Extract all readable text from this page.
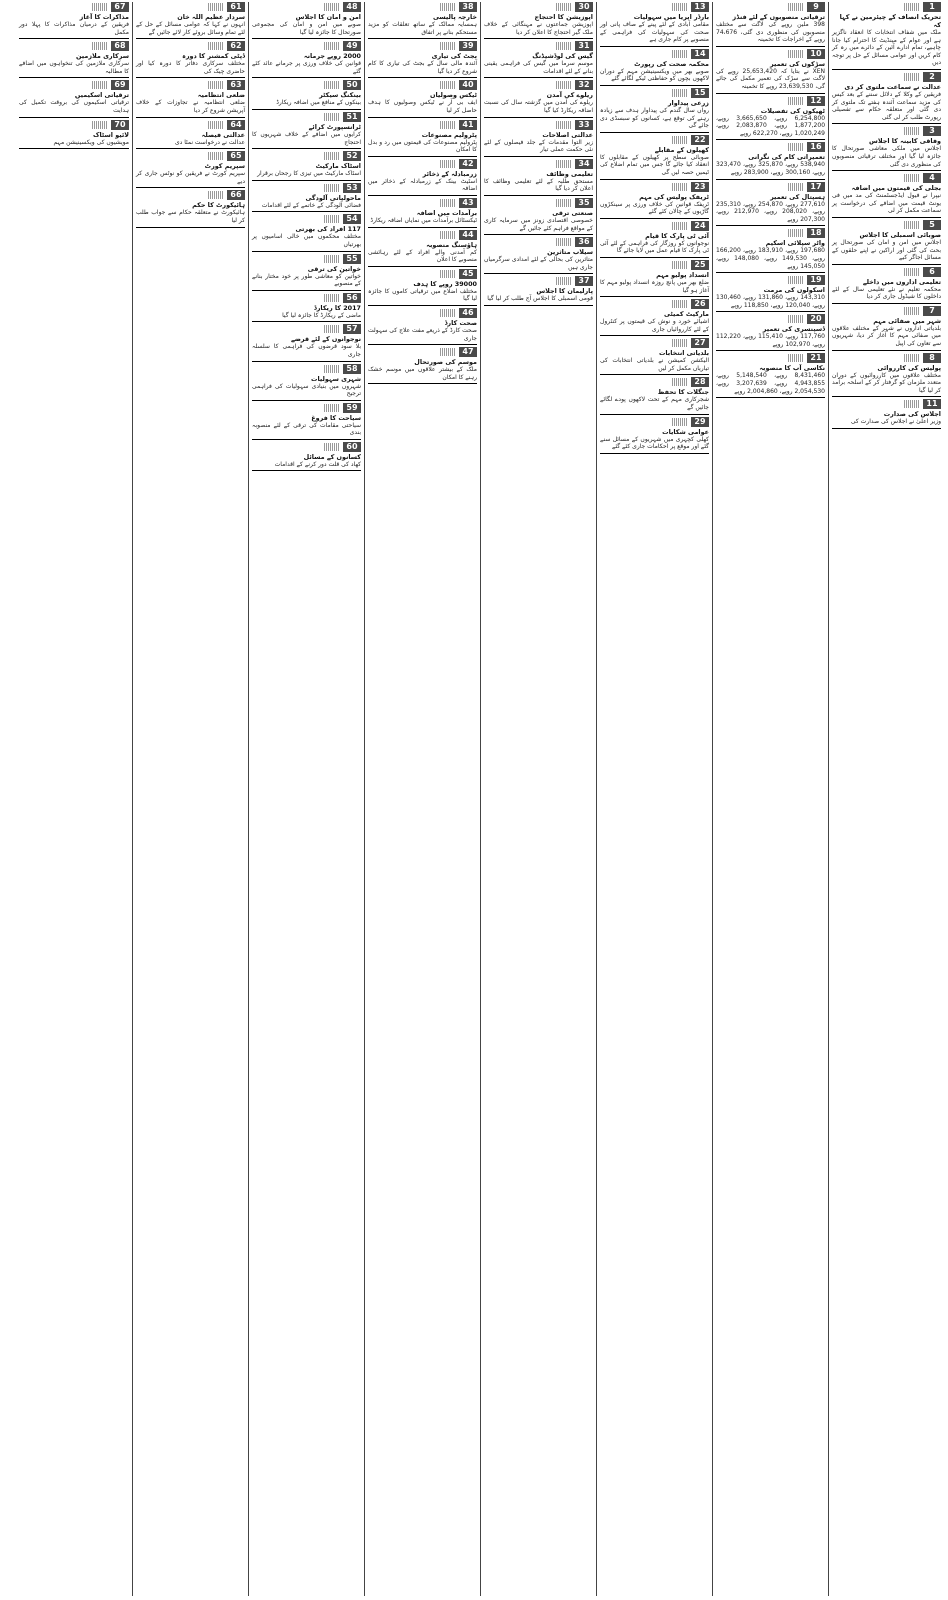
1
تحریک انصاف کے چیئرمین نے کہا کہ
ملک میں شفاف انتخابات کا انعقاد ناگزیر ہے اور عوام کے مینڈیٹ کا احترام کیا جانا چاہیے، تمام ادارے آئین کے دائرے میں رہ کر کام کریں اور عوامی مسائل کے حل پر توجہ دیں
2
عدالت نے سماعت ملتوی کر دی
فریقین کے وکلا کے دلائل سننے کے بعد کیس کی مزید سماعت آئندہ ہفتے تک ملتوی کر دی گئی اور متعلقہ حکام سے تفصیلی رپورٹ طلب کر لی گئی
3
وفاقی کابینہ کا اجلاس
اجلاس میں ملکی معاشی صورتحال کا جائزہ لیا گیا اور مختلف ترقیاتی منصوبوں کی منظوری دی گئی
4
بجلی کی قیمتوں میں اضافہ
نیپرا نے فیول ایڈجسٹمنٹ کی مد میں فی یونٹ قیمت میں اضافے کی درخواست پر سماعت مکمل کر لی
5
صوبائی اسمبلی کا اجلاس
اجلاس میں امن و امان کی صورتحال پر بحث کی گئی اور اراکین نے اپنے حلقوں کے مسائل اجاگر کیے
6
تعلیمی اداروں میں داخلے
محکمہ تعلیم نے نئے تعلیمی سال کے لئے داخلوں کا شیڈول جاری کر دیا
7
شہر میں صفائی مہم
بلدیاتی اداروں نے شہر کے مختلف علاقوں میں صفائی مہم کا آغاز کر دیا، شہریوں سے تعاون کی اپیل
8
پولیس کی کارروائی
مختلف علاقوں میں کارروائیوں کے دوران متعدد ملزمان کو گرفتار کر کے اسلحہ برآمد کر لیا گیا
11
اجلاس کی صدارت
وزیر اعلیٰ نے اجلاس کی صدارت کی
9
ترقیاتی منصوبوں کے لئے فنڈز
398 ملین روپے کی لاگت سے مختلف منصوبوں کی منظوری دی گئی، 74،676 روپے کے اخراجات کا تخمینہ
10
سڑکوں کی تعمیر
XEN نے بتایا کہ 25,653,420 روپے کی لاگت سے سڑک کی تعمیر مکمل کی جائے گی، 23,639,530 روپے کا تخمینہ
12
ٹھیکوں کی تفصیلات
6,254,800 روپے، 3,665,650 روپے، 1,877,200 روپے، 2,083,870 روپے، 1,020,249 روپے، 622,270 روپے
16
تعمیراتی کام کی نگرانی
538,940 روپے، 325,870 روپے، 323,470 روپے، 300,160 روپے، 283,900 روپے
17
ہسپتال کی تعمیر
277,610 روپے، 254,870 روپے، 235,310 روپے، 208,020 روپے، 212,970 روپے، 207,300 روپے
18
واٹر سپلائی اسکیم
197,680 روپے، 183,910 روپے، 166,200 روپے، 149,530 روپے، 148,080 روپے، 145,050 روپے
19
اسکولوں کی مرمت
143,310 روپے، 131,860 روپے، 130,460 روپے، 120,040 روپے، 118,850 روپے
20
ڈسپنسری کی تعمیر
117,760 روپے، 115,410 روپے، 112,220 روپے، 102,970 روپے
21
نکاسی آب کا منصوبہ
8,431,460 روپے، 5,148,540 روپے، 4,943,855 روپے، 3,207,639 روپے، 2,054,530 روپے، 2,004,860 روپے
13
بارڈر ایریا میں سہولیات
مقامی آبادی کے لئے پینے کے صاف پانی اور صحت کی سہولیات کی فراہمی کے منصوبے پر کام جاری ہے
14
محکمہ صحت کی رپورٹ
صوبے بھر میں ویکسینیشن مہم کے دوران لاکھوں بچوں کو حفاظتی ٹیکے لگائے گئے
15
زرعی پیداوار
رواں سال گندم کی پیداوار ہدف سے زیادہ رہنے کی توقع ہے، کسانوں کو سبسڈی دی جائے گی
22
کھیلوں کے مقابلے
صوبائی سطح پر کھیلوں کے مقابلوں کا انعقاد کیا جائے گا جس میں تمام اضلاع کی ٹیمیں حصہ لیں گی
23
ٹریفک پولیس کی مہم
ٹریفک قوانین کی خلاف ورزی پر سینکڑوں گاڑیوں کے چالان کئے گئے
24
آئی ٹی پارک کا قیام
نوجوانوں کو روزگار کی فراہمی کے لئے آئی ٹی پارک کا قیام عمل میں لایا جائے گا
25
انسداد پولیو مہم
ضلع بھر میں پانچ روزہ انسداد پولیو مہم کا آغاز ہو گیا
26
مارکیٹ کمیٹی
اشیائے خورد و نوش کی قیمتوں پر کنٹرول کے لئے کارروائیاں جاری
27
بلدیاتی انتخابات
الیکشن کمیشن نے بلدیاتی انتخابات کی تیاریاں مکمل کر لیں
28
جنگلات کا تحفظ
شجرکاری مہم کے تحت لاکھوں پودے لگائے جائیں گے
29
عوامی شکایات
کھلی کچہری میں شہریوں کے مسائل سنے گئے اور موقع پر احکامات جاری کئے گئے
30
اپوزیشن کا احتجاج
اپوزیشن جماعتوں نے مہنگائی کے خلاف ملک گیر احتجاج کا اعلان کر دیا
31
گیس کی لوڈشیڈنگ
موسم سرما میں گیس کی فراہمی یقینی بنانے کے لئے اقدامات
32
ریلوے کی آمدن
ریلوے کی آمدن میں گزشتہ سال کی نسبت اضافہ ریکارڈ کیا گیا
33
عدالتی اصلاحات
زیر التوا مقدمات کے جلد فیصلوں کے لئے نئی حکمت عملی تیار
34
تعلیمی وظائف
مستحق طلبہ کے لئے تعلیمی وظائف کا اعلان کر دیا گیا
35
صنعتی ترقی
خصوصی اقتصادی زونز میں سرمایہ کاری کے مواقع فراہم کئے جائیں گے
36
سیلاب متاثرین
متاثرین کی بحالی کے لئے امدادی سرگرمیاں جاری ہیں
37
پارلیمان کا اجلاس
قومی اسمبلی کا اجلاس آج طلب کر لیا گیا
38
خارجہ پالیسی
ہمسایہ ممالک کے ساتھ تعلقات کو مزید مستحکم بنانے پر اتفاق
39
بجٹ کی تیاری
آئندہ مالی سال کے بجٹ کی تیاری کا کام شروع کر دیا گیا
40
ٹیکس وصولیاں
ایف بی آر نے ٹیکس وصولیوں کا ہدف حاصل کر لیا
41
پٹرولیم مصنوعات
پٹرولیم مصنوعات کی قیمتوں میں رد و بدل کا امکان
42
زرمبادلہ کے ذخائر
اسٹیٹ بینک کے زرمبادلہ کے ذخائر میں اضافہ
43
برآمدات میں اضافہ
ٹیکسٹائل برآمدات میں نمایاں اضافہ ریکارڈ
44
ہاؤسنگ منصوبہ
کم آمدنی والے افراد کے لئے رہائشی منصوبے کا اعلان
45
39000 روپے کا ہدف
مختلف اضلاع میں ترقیاتی کاموں کا جائزہ لیا گیا
46
صحت کارڈ
صحت کارڈ کے ذریعے مفت علاج کی سہولت جاری
47
موسم کی صورتحال
ملک کے بیشتر علاقوں میں موسم خشک رہنے کا امکان
48
امن و امان کا اجلاس
صوبے میں امن و امان کی مجموعی صورتحال کا جائزہ لیا گیا
49
2000 روپے جرمانہ
قوانین کی خلاف ورزی پر جرمانے عائد کئے گئے
50
بینکنگ سیکٹر
بینکوں کے منافع میں اضافہ ریکارڈ
51
ٹرانسپورٹ کرائے
کرایوں میں اضافے کے خلاف شہریوں کا احتجاج
52
اسٹاک مارکیٹ
اسٹاک مارکیٹ میں تیزی کا رجحان برقرار
53
ماحولیاتی آلودگی
فضائی آلودگی کے خاتمے کے لئے اقدامات
54
117 افراد کی بھرتی
مختلف محکموں میں خالی اسامیوں پر بھرتیاں
55
خواتین کی ترقی
خواتین کو معاشی طور پر خود مختار بنانے کے منصوبے
56
2017 کا ریکارڈ
ماضی کے ریکارڈ کا جائزہ لیا گیا
57
نوجوانوں کے لئے قرضے
بلا سود قرضوں کی فراہمی کا سلسلہ جاری
58
شہری سہولیات
شہروں میں بنیادی سہولیات کی فراہمی ترجیح
59
سیاحت کا فروغ
سیاحتی مقامات کی ترقی کے لئے منصوبہ بندی
60
کسانوں کے مسائل
کھاد کی قلت دور کرنے کے اقدامات
61
سردار عظیم اللہ خان
انہوں نے کہا کہ عوامی مسائل کے حل کے لئے تمام وسائل بروئے کار لائے جائیں گے
62
ڈپٹی کمشنر کا دورہ
مختلف سرکاری دفاتر کا دورہ کیا اور حاضری چیک کی
63
ضلعی انتظامیہ
ضلعی انتظامیہ نے تجاوزات کے خلاف آپریشن شروع کر دیا
64
عدالتی فیصلہ
عدالت نے درخواست نمٹا دی
65
سپریم کورٹ
سپریم کورٹ نے فریقین کو نوٹس جاری کر دیے
66
ہائیکورٹ کا حکم
ہائیکورٹ نے متعلقہ حکام سے جواب طلب کر لیا
67
مذاکرات کا آغاز
فریقین کے درمیان مذاکرات کا پہلا دور مکمل
68
سرکاری ملازمین
سرکاری ملازمین کی تنخواہوں میں اضافے کا مطالبہ
69
ترقیاتی اسکیمیں
ترقیاتی اسکیموں کی بروقت تکمیل کی ہدایت
70
لائیو اسٹاک
مویشیوں کی ویکسینیشن مہم
